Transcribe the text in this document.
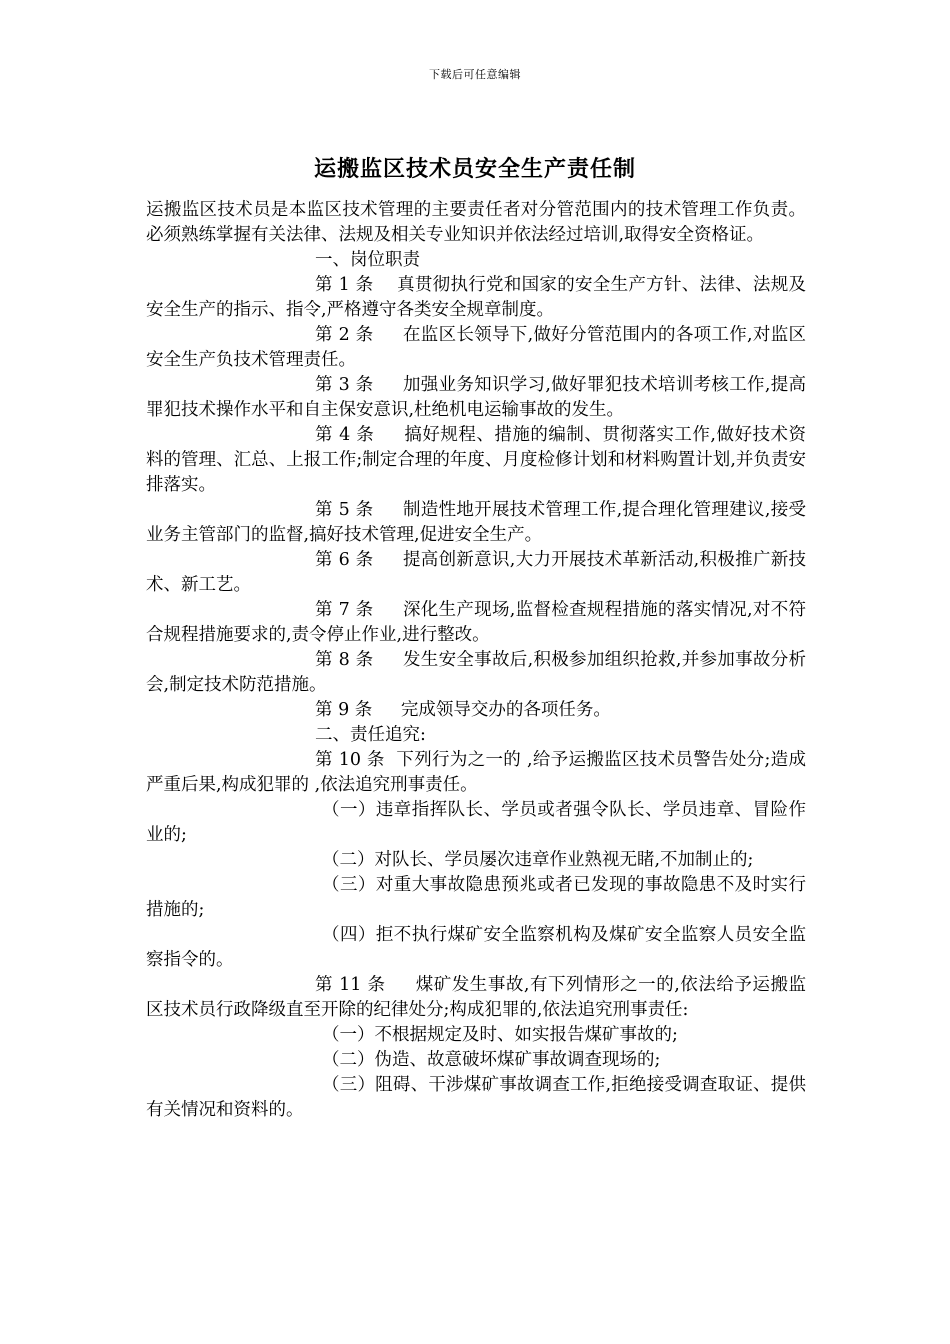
下载后可任意编辑
运搬监区技术员安全生产责任制

运搬监区技术员是本监区技术管理的主要责任者对分管范围内的技术管理工作负责。必须熟练掌握有关法律、法规及相关专业知识并依法经过培训,取得安全资格证。

一、岗位职责

第 1 条　 真贯彻执行党和国家的安全生产方针、法律、法规及安全生产的指示、指令,严格遵守各类安全规章制度。

第 2 条　  在监区长领导下,做好分管范围内的各项工作,对监区安全生产负技术管理责任。

第 3 条　  加强业务知识学习,做好罪犯技术培训考核工作,提高罪犯技术操作水平和自主保安意识,杜绝机电运输事故的发生。

第 4 条　  搞好规程、措施的编制、贯彻落实工作,做好技术资料的管理、汇总、上报工作;制定合理的年度、月度检修计划和材料购置计划,并负责安排落实。

第 5 条　  制造性地开展技术管理工作,提合理化管理建议,接受业务主管部门的监督,搞好技术管理,促进安全生产。

第 6 条　  提高创新意识,大力开展技术革新活动,积极推广新技术、新工艺。

第 7 条　  深化生产现场,监督检查规程措施的落实情况,对不符合规程措施要求的,责令停止作业,进行整改。

第 8 条　  发生安全事故后,积极参加组织抢救,并参加事故分析会,制定技术防范措施。

第 9 条　  完成领导交办的各项任务。

二、责任追究:

第 10 条  下列行为之一的 ,给予运搬监区技术员警告处分;造成严重后果,构成犯罪的 ,依法追究刑事责任。

（一）违章指挥队长、学员或者强令队长、学员违章、冒险作业的;

（二）对队长、学员屡次违章作业熟视无睹,不加制止的;

（三）对重大事故隐患预兆或者已发现的事故隐患不及时实行措施的;

（四）拒不执行煤矿安全监察机构及煤矿安全监察人员安全监察指令的。

第 11 条　  煤矿发生事故,有下列情形之一的,依法给予运搬监区技术员行政降级直至开除的纪律处分;构成犯罪的,依法追究刑事责任:

（一）不根据规定及时、如实报告煤矿事故的;

（二）伪造、故意破坏煤矿事故调查现场的;

（三）阻碍、干涉煤矿事故调查工作,拒绝接受调查取证、提供有关情况和资料的。
